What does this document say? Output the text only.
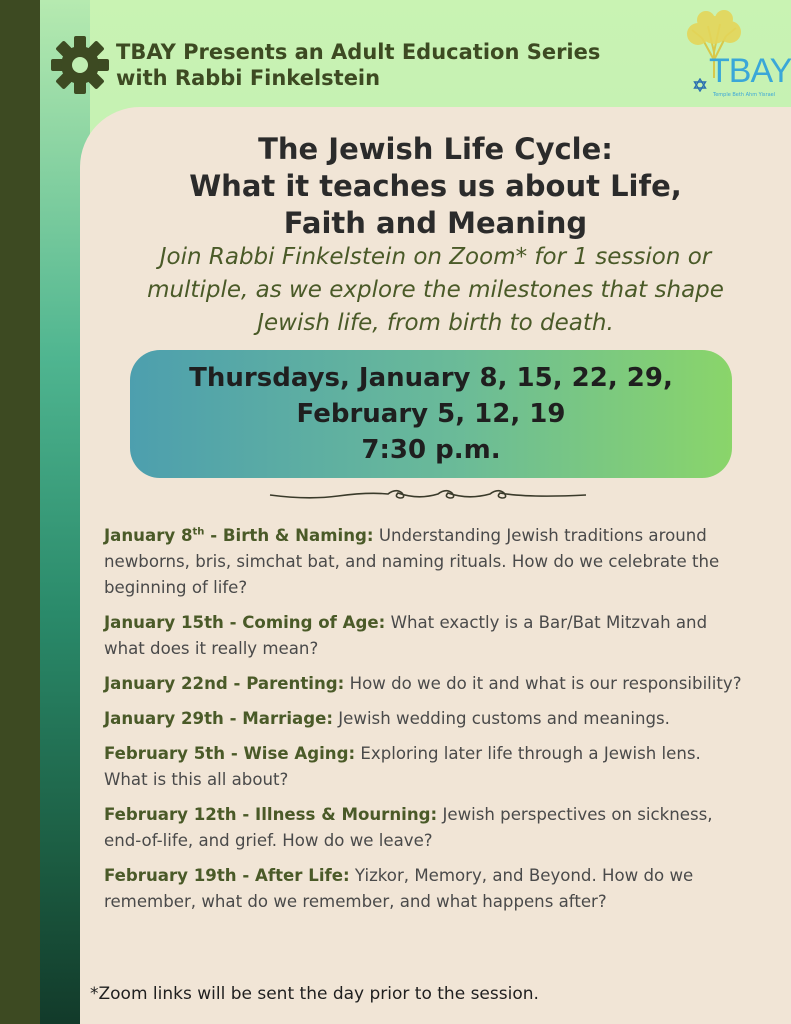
TBAY Presents an Adult Education Series
with Rabbi Finkelstein	TBAY
Temple Beth Ahm Yisrael
The Jewish Life Cycle:
What it teaches us about Life,
Faith and Meaning
Join Rabbi Finkelstein on Zoom* for 1 session or
multiple, as we explore the milestones that shape
Jewish life, from birth to death.
Thursdays, January 8, 15, 22, 29,
February 5, 12, 19
7:30 p.m.
January 8th - Birth & Naming: Understanding Jewish traditions around newborns, bris, simchat bat, and naming rituals. How do we celebrate the beginning of life?
January 15th - Coming of Age: What exactly is a Bar/Bat Mitzvah and what does it really mean?
January 22nd - Parenting: How do we do it and what is our responsibility?
January 29th - Marriage: Jewish wedding customs and meanings.
February 5th - Wise Aging: Exploring later life through a Jewish lens. What is this all about?
February 12th - Illness & Mourning: Jewish perspectives on sickness, end-of-life, and grief. How do we leave?
February 19th - After Life: Yizkor, Memory, and Beyond. How do we remember, what do we remember, and what happens after?
*Zoom links will be sent the day prior to the session.
